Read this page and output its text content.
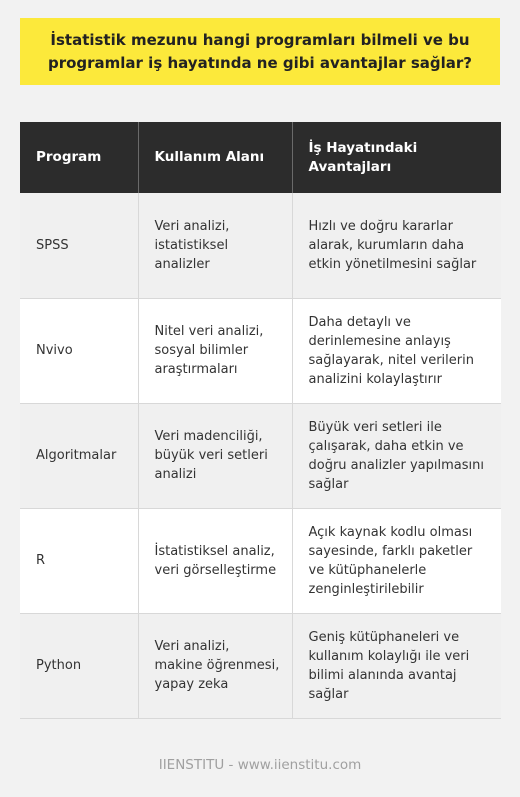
İstatistik mezunu hangi programları bilmeli ve bu programlar iş hayatında ne gibi avantajlar sağlar?
Program	Kullanım Alanı	İş Hayatındaki Avantajları
SPSS	Veri analizi, istatistiksel analizler	Hızlı ve doğru kararlar alarak, kurumların daha etkin yönetilmesini sağlar
Nvivo	Nitel veri analizi, sosyal bilimler araştırmaları	Daha detaylı ve derinlemesine anlayış sağlayarak, nitel verilerin analizini kolaylaştırır
Algoritmalar	Veri madenciliği, büyük veri setleri analizi	Büyük veri setleri ile çalışarak, daha etkin ve doğru analizler yapılmasını sağlar
R	İstatistiksel analiz, veri görselleştirme	Açık kaynak kodlu olması sayesinde, farklı paketler ve kütüphanelerle zenginleştirilebilir
Python	Veri analizi, makine öğrenmesi, yapay zeka	Geniş kütüphaneleri ve kullanım kolaylığı ile veri bilimi alanında avantaj sağlar
IIENSTITU - www.iienstitu.com
